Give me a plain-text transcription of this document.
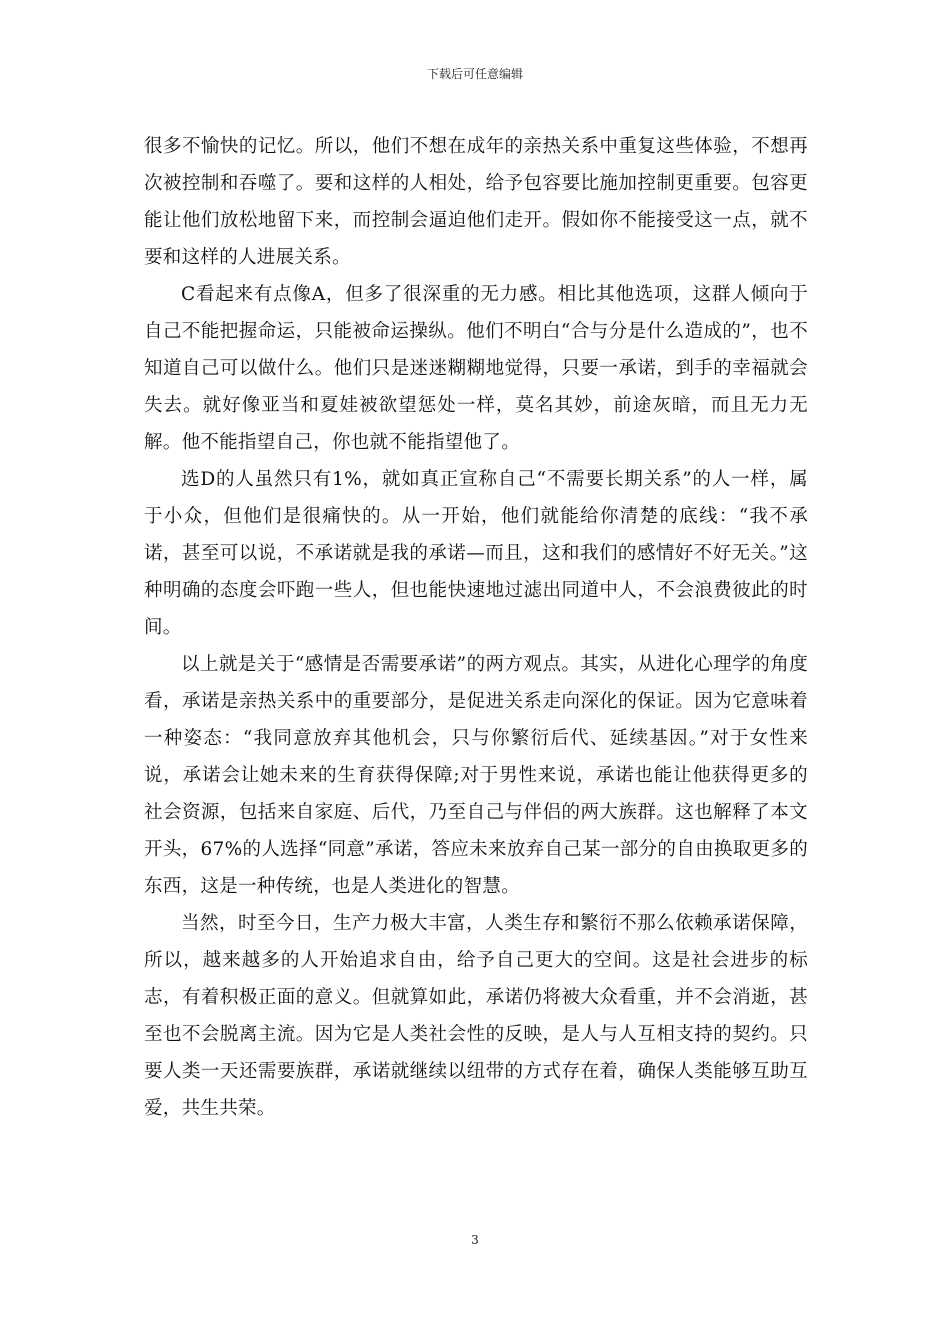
下载后可任意编辑

很多不愉快的记忆。所以，他们不想在成年的亲热关系中重复这些体验，不想再次被控制和吞噬了。要和这样的人相处，给予包容要比施加控制更重要。包容更能让他们放松地留下来，而控制会逼迫他们走开。假如你不能接受这一点，就不要和这样的人进展关系。

C看起来有点像A，但多了很深重的无力感。相比其他选项，这群人倾向于自己不能把握命运，只能被命运操纵。他们不明白“合与分是什么造成的”，也不知道自己可以做什么。他们只是迷迷糊糊地觉得，只要一承诺，到手的幸福就会失去。就好像亚当和夏娃被欲望惩处一样，莫名其妙，前途灰暗，而且无力无解。他不能指望自己，你也就不能指望他了。

选D的人虽然只有1%，就如真正宣称自己“不需要长期关系”的人一样，属于小众，但他们是很痛快的。从一开始，他们就能给你清楚的底线：“我不承诺，甚至可以说，不承诺就是我的承诺—而且，这和我们的感情好不好无关。”这种明确的态度会吓跑一些人，但也能快速地过滤出同道中人，不会浪费彼此的时间。

以上就是关于“感情是否需要承诺”的两方观点。其实，从进化心理学的角度看，承诺是亲热关系中的重要部分，是促进关系走向深化的保证。因为它意味着一种姿态：“我同意放弃其他机会，只与你繁衍后代、延续基因。”对于女性来说，承诺会让她未来的生育获得保障;对于男性来说，承诺也能让他获得更多的社会资源，包括来自家庭、后代，乃至自己与伴侣的两大族群。这也解释了本文开头，67%的人选择“同意”承诺，答应未来放弃自己某一部分的自由换取更多的东西，这是一种传统，也是人类进化的智慧。

当然，时至今日，生产力极大丰富，人类生存和繁衍不那么依赖承诺保障，所以，越来越多的人开始追求自由，给予自己更大的空间。这是社会进步的标志，有着积极正面的意义。但就算如此，承诺仍将被大众看重，并不会消逝，甚至也不会脱离主流。因为它是人类社会性的反映，是人与人互相支持的契约。只要人类一天还需要族群，承诺就继续以纽带的方式存在着，确保人类能够互助互爱，共生共荣。

3
